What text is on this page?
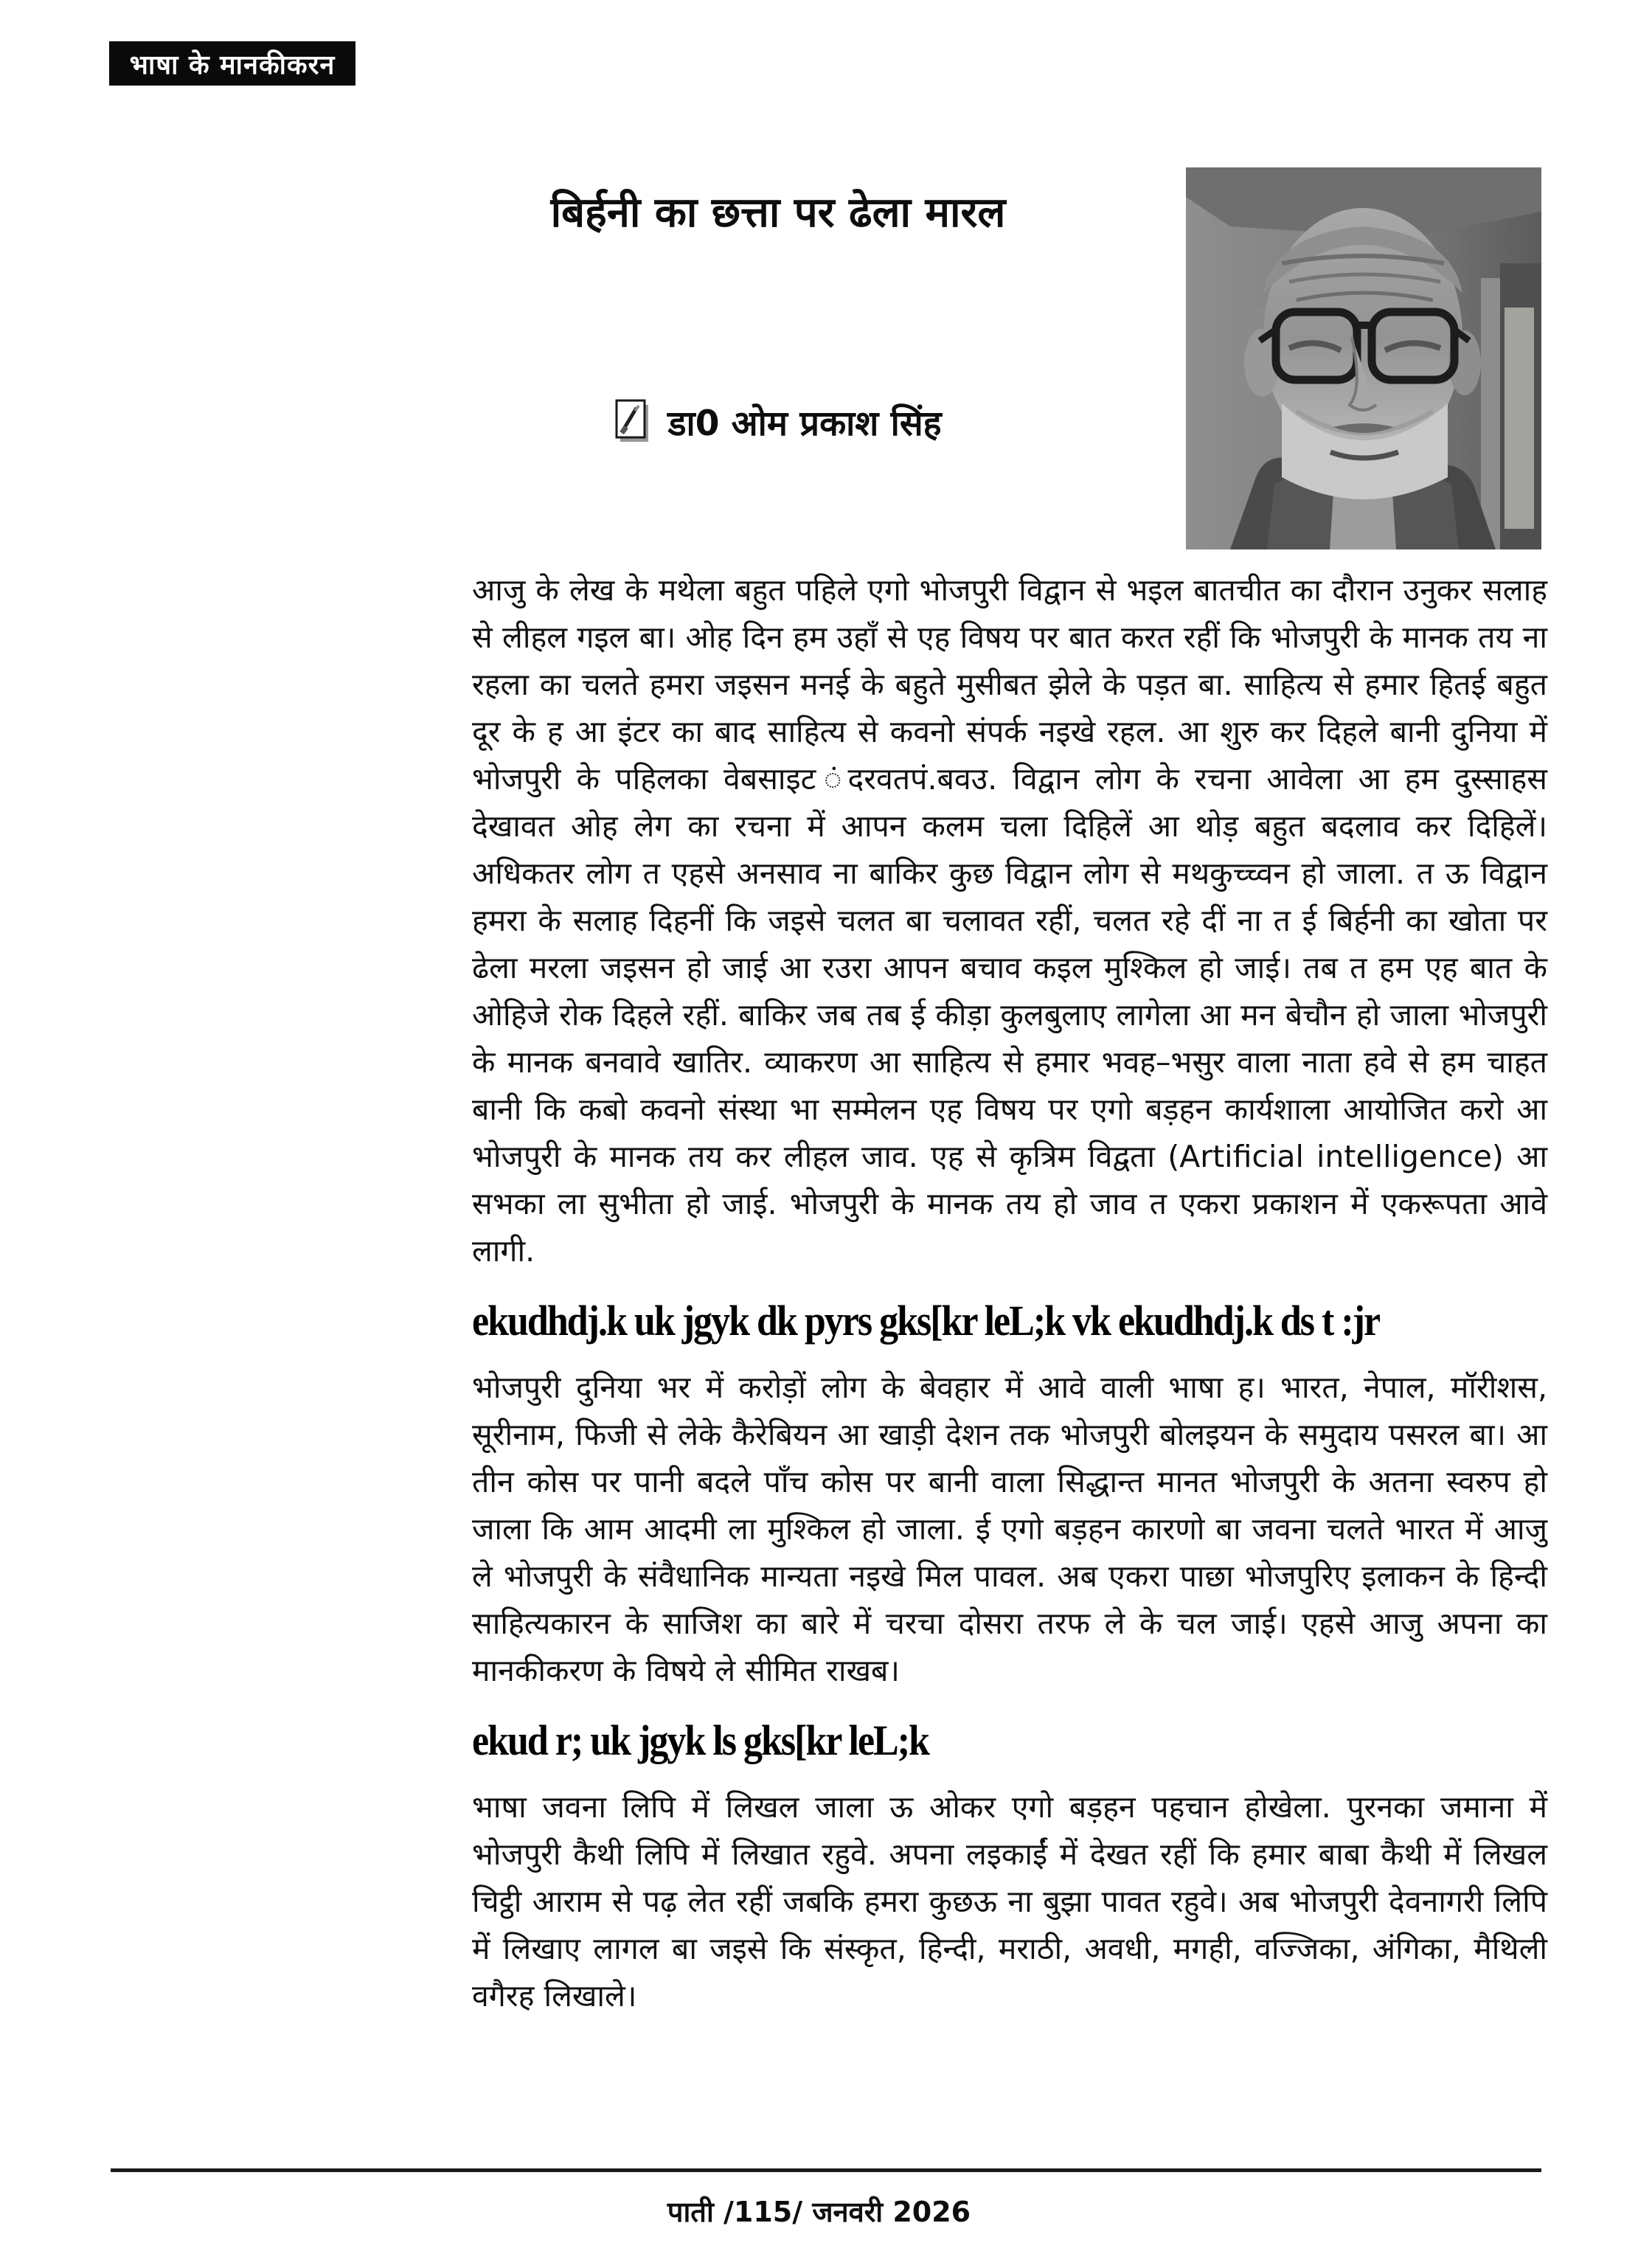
भाषा के मानकीकरन
बिर्हनी का छत्ता पर ढेला मारल
डा0 ओम प्रकाश सिंह

आजु के लेख के मथेला बहुत पहिले एगो भोजपुरी विद्वान से भइल बातचीत का दौरान उनुकर सलाह से लीहल गइल बा। ओह दिन हम उहाँ से एह विषय पर बात करत रहीं कि भोजपुरी के मानक तय ना रहला का चलते हमरा जइसन मनई के बहुते मुसीबत झेले के पड़त बा. साहित्य से हमार हितई बहुत दूर के ह आ इंटर का बाद साहित्य से कवनो संपर्क नइखे रहल. आ शुरु कर दिहले बानी दुनिया में भोजपुरी के पहिलका वेबसाइट ंदरवतपं.बवउ. विद्वान लोग के रचना आवेला आ हम दुस्साहस देखावत ओह लेग का रचना में आपन कलम चला दिहिलें आ थोड़ बहुत बदलाव कर दिहिलें। अधिकतर लोग त एहसे अनसाव ना बाकिर कुछ विद्वान लोग से मथकुच्च्वन हो जाला. त ऊ विद्वान हमरा के सलाह दिहनीं कि जइसे चलत बा चलावत रहीं, चलत रहे दीं ना त ई बिर्हनी का खोता पर ढेला मरला जइसन हो जाई आ रउरा आपन बचाव कइल मुश्किल हो जाई। तब त हम एह बात के ओहिजे रोक दिहले रहीं. बाकिर जब तब ई कीड़ा कुलबुलाए लागेला आ मन बेचौन हो जाला भोजपुरी के मानक बनवावे खातिर. व्याकरण आ साहित्य से हमार भवह–भसुर वाला नाता हवे से हम चाहत बानी कि कबो कवनो संस्था भा सम्मेलन एह विषय पर एगो बड़हन कार्यशाला आयोजित करो आ भोजपुरी के मानक तय कर लीहल जाव. एह से कृत्रिम विद्वता (Artificial intelligence) आ सभका ला सुभीता हो जाई. भोजपुरी के मानक तय हो जाव त एकरा प्रकाशन में एकरूपता आवे लागी.

ekudhdj.k uk jgyk dk pyrs gks[kr leL;k vk ekudhdj.k ds t :jr

भोजपुरी दुनिया भर में करोड़ों लोग के बेवहार में आवे वाली भाषा ह। भारत, नेपाल, मॉरीशस, सूरीनाम, फिजी से लेके कैरेबियन आ खाड़ी देशन तक भोजपुरी बोलइयन के समुदाय पसरल बा। आ तीन कोस पर पानी बदले पाँच कोस पर बानी वाला सिद्धान्त मानत भोजपुरी के अतना स्वरुप हो जाला कि आम आदमी ला मुश्किल हो जाला. ई एगो बड़हन कारणो बा जवना चलते भारत में आजु ले भोजपुरी के संवैधानिक मान्यता नइखे मिल पावल. अब एकरा पाछा भोजपुरिए इलाकन के हिन्दी साहित्यकारन के साजिश का बारे में चरचा दोसरा तरफ ले के चल जाई। एहसे आजु अपना का मानकीकरण के विषये ले सीमित राखब।

ekud r; uk jgyk ls gks[kr leL;k

भाषा जवना लिपि में लिखल जाला ऊ ओकर एगो बड़हन पहचान होखेला. पुरनका जमाना में भोजपुरी कैथी लिपि में लिखात रहुवे. अपना लइकाईं में देखत रहीं कि हमार बाबा कैथी में लिखल चिट्ठी आराम से पढ़ लेत रहीं जबकि हमरा कुछऊ ना बुझा पावत रहुवे। अब भोजपुरी देवनागरी लिपि में लिखाए लागल बा जइसे कि संस्कृत, हिन्दी, मराठी, अवधी, मगही, वज्जिका, अंगिका, मैथिली वगैरह लिखाले।

पाती /115/ जनवरी 2026
